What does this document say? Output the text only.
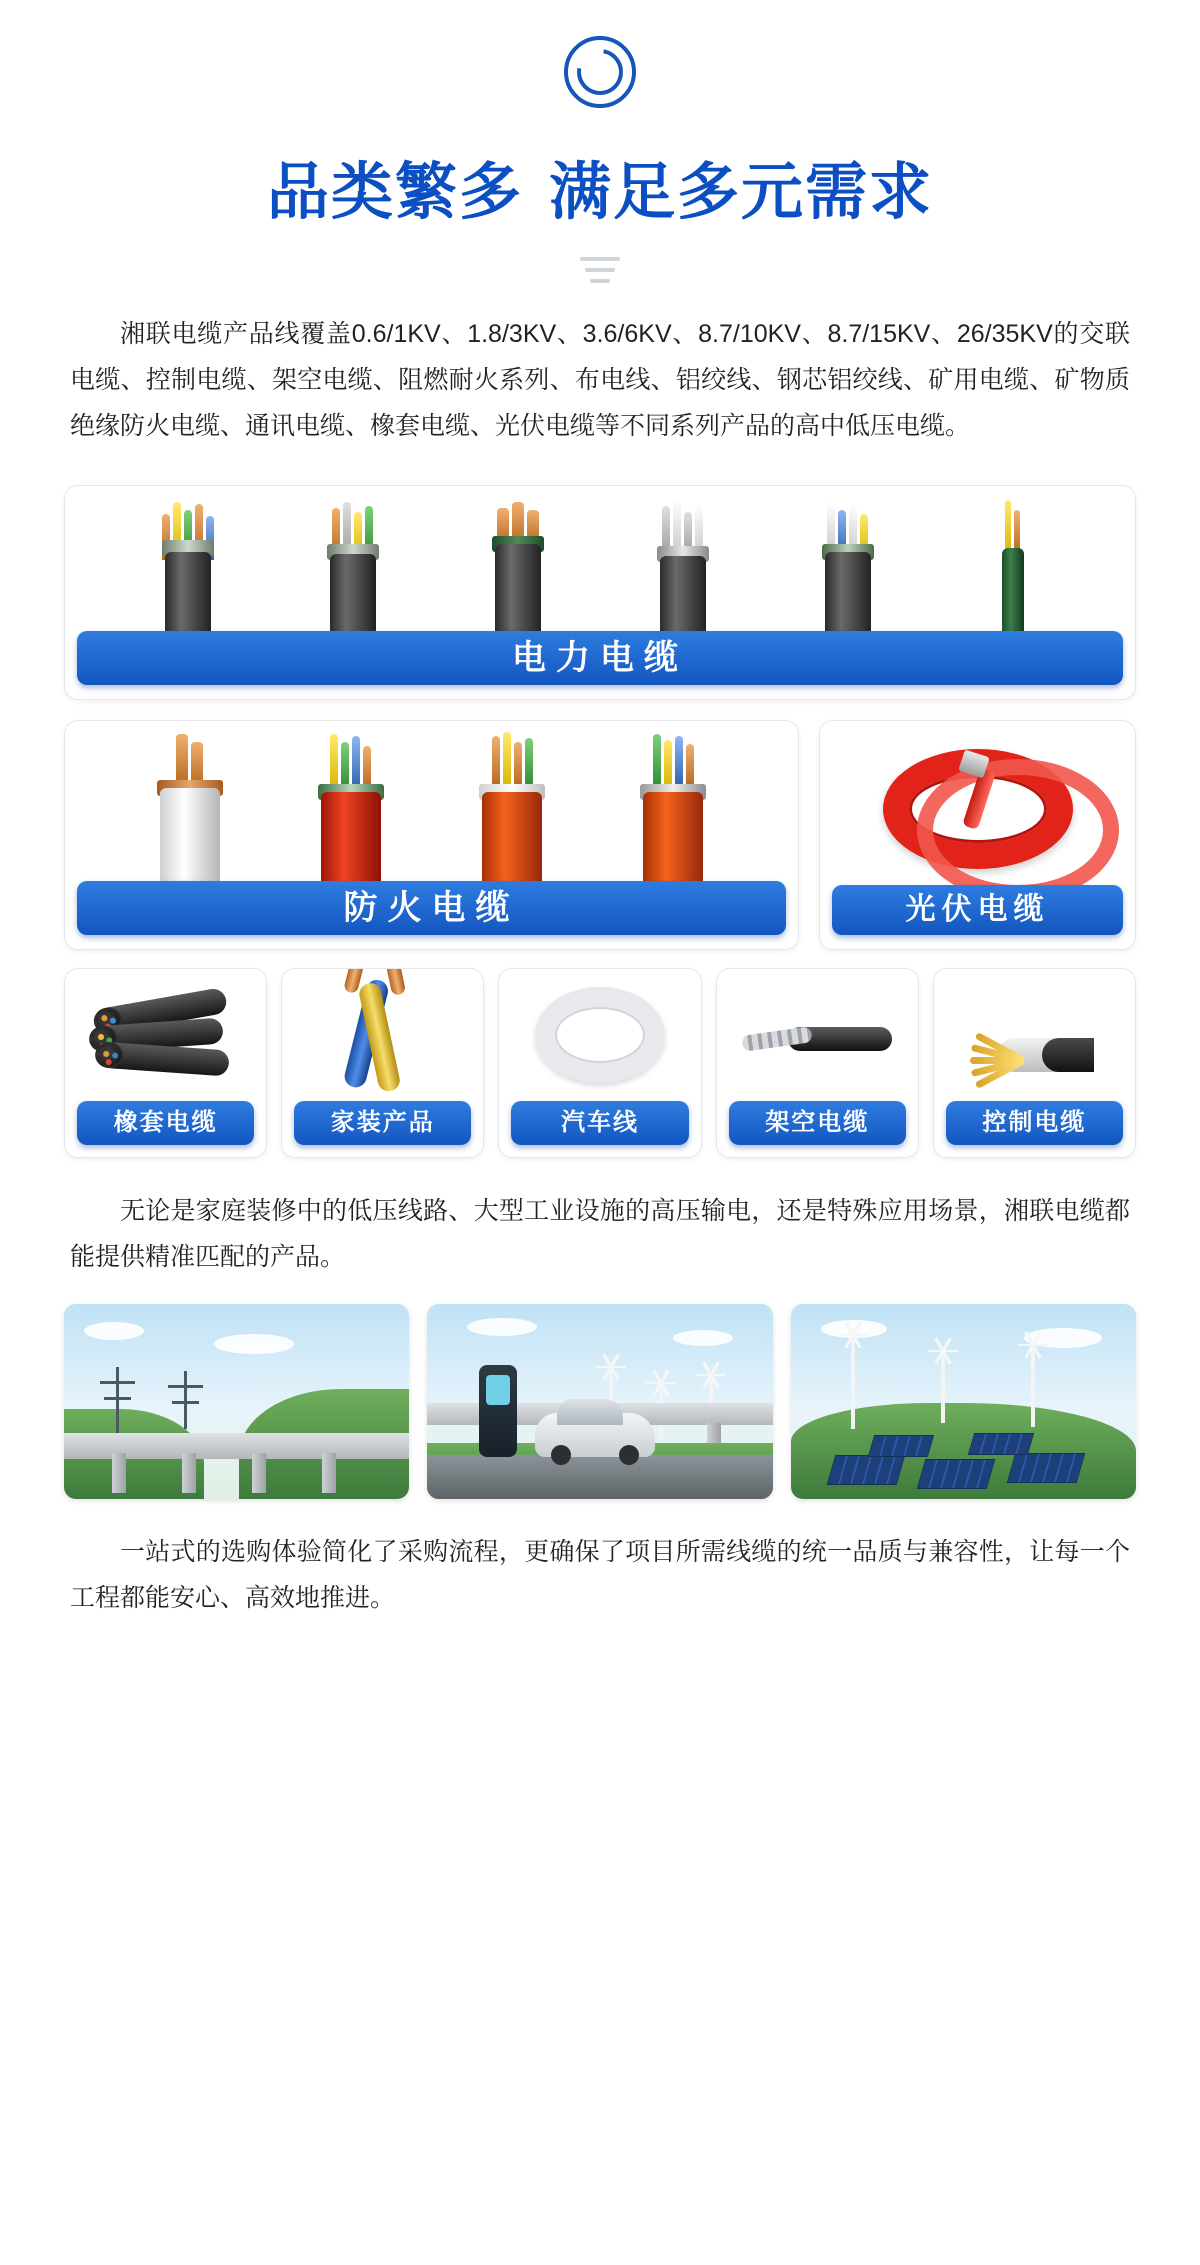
品类繁多 满足多元需求

湘联电缆产品线覆盖0.6/1KV、1.8/3KV、3.6/6KV、8.7/10KV、8.7/15KV、26/35KV的交联电缆、控制电缆、架空电缆、阻燃耐火系列、布电线、铝绞线、钢芯铝绞线、矿用电缆、矿物质绝缘防火电缆、通讯电缆、橡套电缆、光伏电缆等不同系列产品的高中低压电缆。

电力电缆
防火电缆	光伏电缆
橡套电缆	家装产品	汽车线	架空电缆	控制电缆

无论是家庭装修中的低压线路、大型工业设施的高压输电，还是特殊应用场景，湘联电缆都能提供精准匹配的产品。

一站式的选购体验简化了采购流程，更确保了项目所需线缆的统一品质与兼容性，让每一个工程都能安心、高效地推进。
